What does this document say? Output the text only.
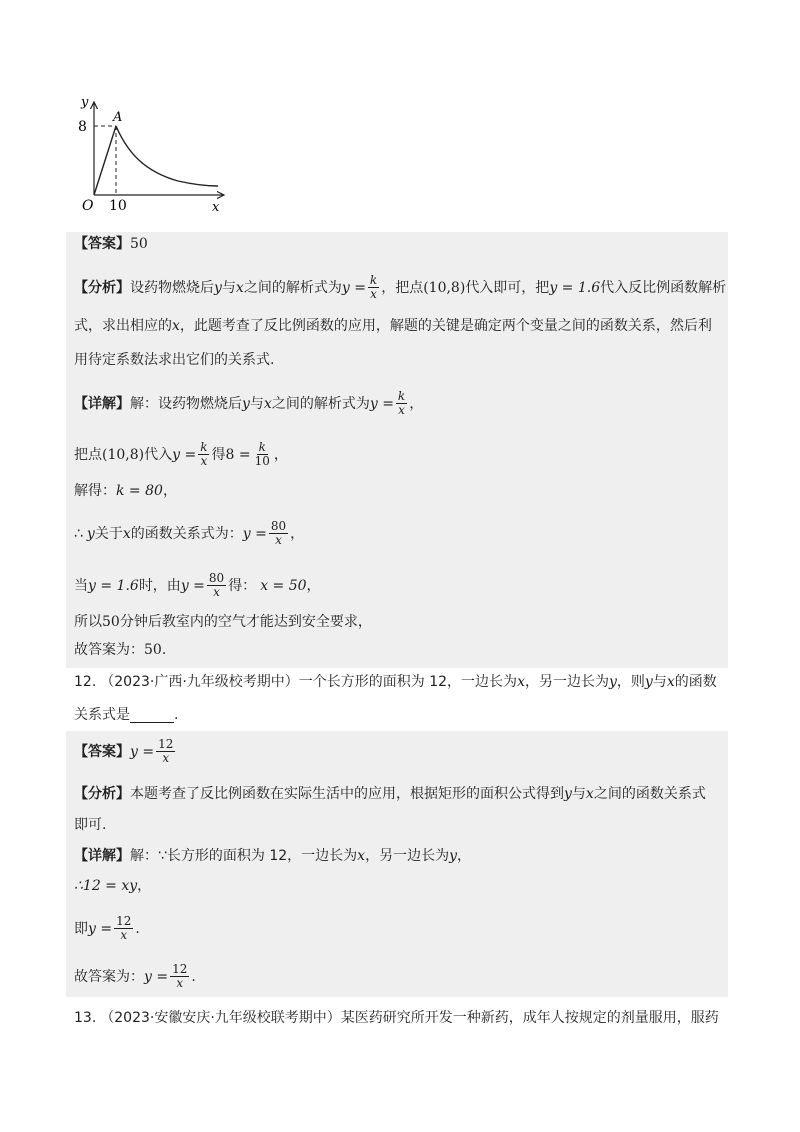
y
x
O
A
8
10
【答案】 50
【分析】 设药物燃烧后 y 与 x 之间的解析式为 $y = \frac{k}{x}$ ，把点 (10,8) 代入即可，把 y = 1.6 代入反比例函数解析
式，求出相应的 x ，此题考查了反比例函数的应用，解题的关键是确定两个变量之间的函数关系，然后利
用待定系数法求出它们的关系式.
【详解】 解：设药物燃烧后 y 与 x 之间的解析式为 $y = \frac{k}{x}$ ，
把点 (10,8) 代入 $y = \frac{k}{x}$ 得 $8 = \frac{k}{10}$ ，
解得： k = 80 ，
∴ y 关于 x 的函数关系式为： $y = \frac{80}{x}$ ，
当 y = 1.6 时，由 $y = \frac{80}{x}$ 得： x = 50 ，
所以 50 分钟后教室内的空气才能达到安全要求，
故答案为： 50 .
12. （2023·广西·九年级校考期中） 一个长方形的面积为 12，一边长为 x ，另一边长为 y ，则 y 与 x 的函数
关系式是	.
【答案】 $y = \frac{12}{x}$
【分析】 本题考查了反比例函数在实际生活中的应用，根据矩形的面积公式得到 y 与 x 之间的函数关系式
即可.
【详解】 解：∵长方形的面积为 12，一边长为 x ，另一边长为 y ，
∴12 = xy ，
即 $y = \frac{12}{x}$ .
故答案为： $y = \frac{12}{x}$ .
13. （2023·安徽安庆·九年级校联考期中） 某医药研究所开发一种新药，成年人按规定的剂量服用，服药
